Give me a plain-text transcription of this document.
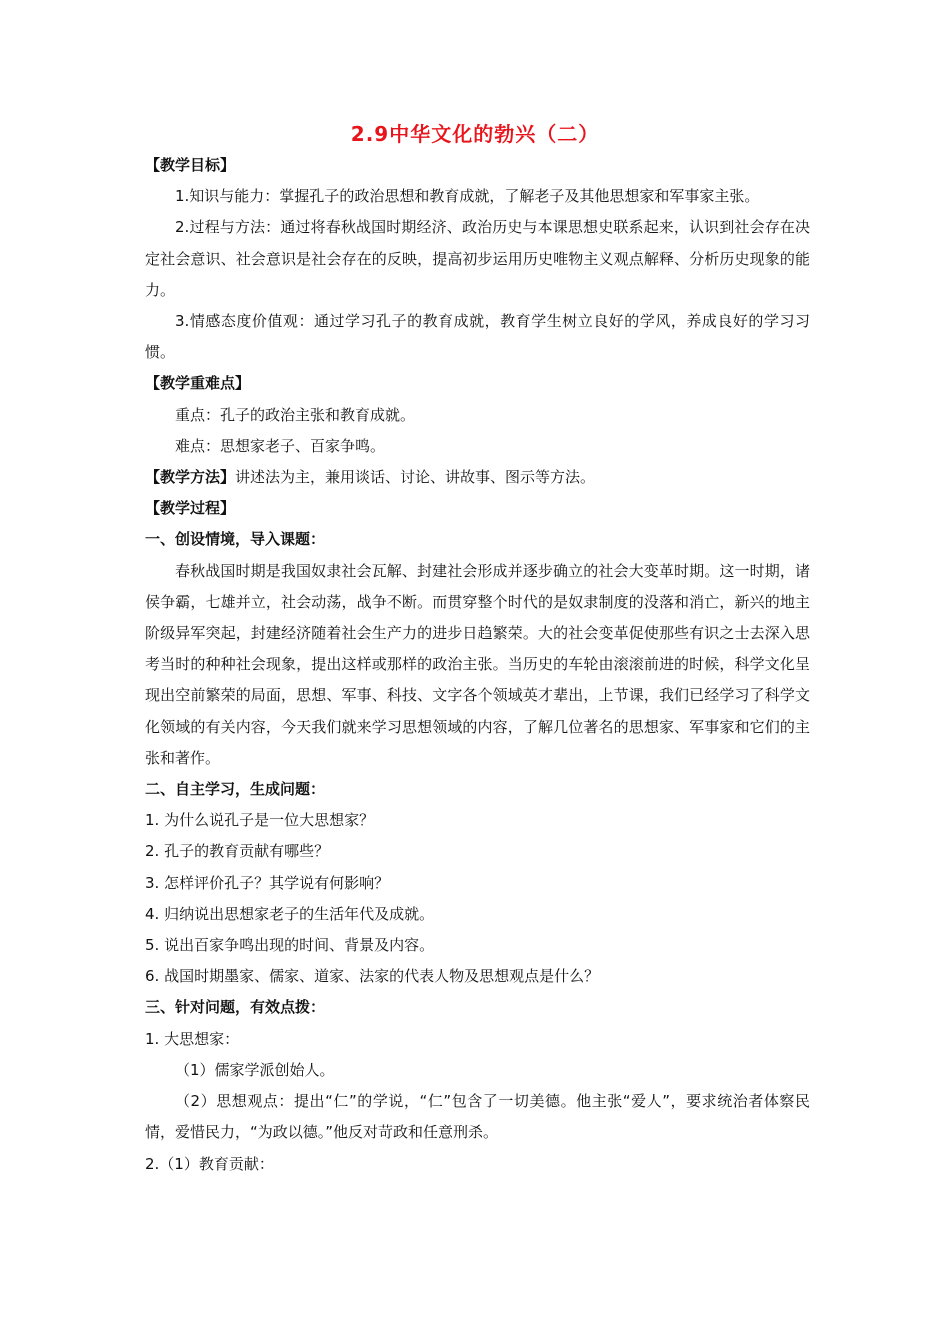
2.9中华文化的勃兴（二）

【教学目标】

1.知识与能力：掌握孔子的政治思想和教育成就，了解老子及其他思想家和军事家主张。

2.过程与方法：通过将春秋战国时期经济、政治历史与本课思想史联系起来，认识到社会存在决定社会意识、社会意识是社会存在的反映，提高初步运用历史唯物主义观点解释、分析历史现象的能力。

3.情感态度价值观：通过学习孔子的教育成就，教育学生树立良好的学风，养成良好的学习习惯。

【教学重难点】

重点：孔子的政治主张和教育成就。

难点：思想家老子、百家争鸣。

【教学方法】讲述法为主，兼用谈话、讨论、讲故事、图示等方法。

【教学过程】

一、创设情境，导入课题：

春秋战国时期是我国奴隶社会瓦解、封建社会形成并逐步确立的社会大变革时期。这一时期，诸侯争霸，七雄并立，社会动荡，战争不断。而贯穿整个时代的是奴隶制度的没落和消亡，新兴的地主阶级异军突起，封建经济随着社会生产力的进步日趋繁荣。大的社会变革促使那些有识之士去深入思考当时的种种社会现象，提出这样或那样的政治主张。当历史的车轮由滚滚前进的时候，科学文化呈现出空前繁荣的局面，思想、军事、科技、文字各个领域英才辈出，上节课，我们已经学习了科学文化领域的有关内容，今天我们就来学习思想领域的内容，了解几位著名的思想家、军事家和它们的主张和著作。

二、自主学习，生成问题：

1. 为什么说孔子是一位大思想家？

2. 孔子的教育贡献有哪些？

3. 怎样评价孔子？其学说有何影响？

4. 归纳说出思想家老子的生活年代及成就。

5. 说出百家争鸣出现的时间、背景及内容。

6. 战国时期墨家、儒家、道家、法家的代表人物及思想观点是什么？

三、针对问题，有效点拨：

1. 大思想家：

（1）儒家学派创始人。

（2）思想观点：提出“仁”的学说，“仁”包含了一切美德。他主张“爱人”，要求统治者体察民情，爱惜民力，“为政以德。”他反对苛政和任意刑杀。

2.（1）教育贡献：
